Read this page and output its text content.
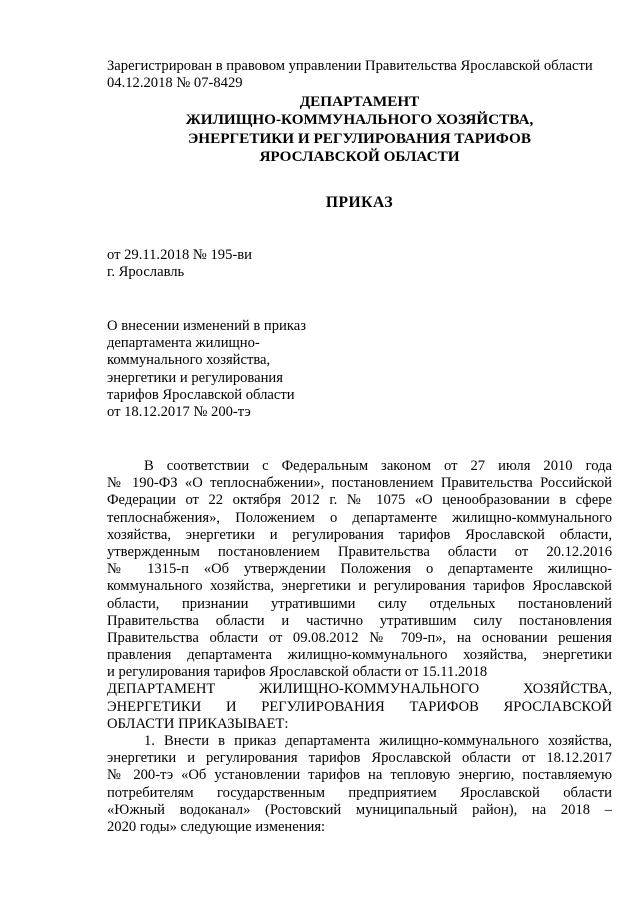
Зарегистрирован в правовом управлении Правительства Ярославской области
04.12.2018 № 07-8429
ДЕПАРТАМЕНТ
ЖИЛИЩНО-КОММУНАЛЬНОГО ХОЗЯЙСТВА,
ЭНЕРГЕТИКИ И РЕГУЛИРОВАНИЯ ТАРИФОВ
ЯРОСЛАВСКОЙ ОБЛАСТИ
ПРИКАЗ
от 29.11.2018 № 195-ви
г. Ярославль
О внесении изменений в приказ
департамента жилищно-
коммунального хозяйства,
энергетики и регулирования
тарифов Ярославской области
от 18.12.2017 № 200-тэ
В соответствии с Федеральным законом от 27 июля 2010 года
№ 190-ФЗ «О теплоснабжении», постановлением Правительства Российской
Федерации от 22 октября 2012 г. № 1075 «О ценообразовании в сфере
теплоснабжения», Положением о департаменте жилищно-коммунального
хозяйства, энергетики и регулирования тарифов Ярославской области,
утвержденным постановлением Правительства области от 20.12.2016
№ 1315-п «Об утверждении Положения о департаменте жилищно-
коммунального хозяйства, энергетики и регулирования тарифов Ярославской
области, признании утратившими силу отдельных постановлений
Правительства области и частично утратившим силу постановления
Правительства области от 09.08.2012 № 709-п», на основании решения
правления департамента жилищно-коммунального хозяйства, энергетики
и регулирования тарифов Ярославской области от 15.11.2018
ДЕПАРТАМЕНТ ЖИЛИЩНО-КОММУНАЛЬНОГО ХОЗЯЙСТВА,
ЭНЕРГЕТИКИ И РЕГУЛИРОВАНИЯ ТАРИФОВ ЯРОСЛАВСКОЙ
ОБЛАСТИ ПРИКАЗЫВАЕТ:
1. Внести в приказ департамента жилищно-коммунального хозяйства,
энергетики и регулирования тарифов Ярославской области от 18.12.2017
№ 200-тэ «Об установлении тарифов на тепловую энергию, поставляемую
потребителям государственным предприятием Ярославской области
«Южный водоканал» (Ростовский муниципальный район), на 2018 –
2020 годы» следующие изменения:
